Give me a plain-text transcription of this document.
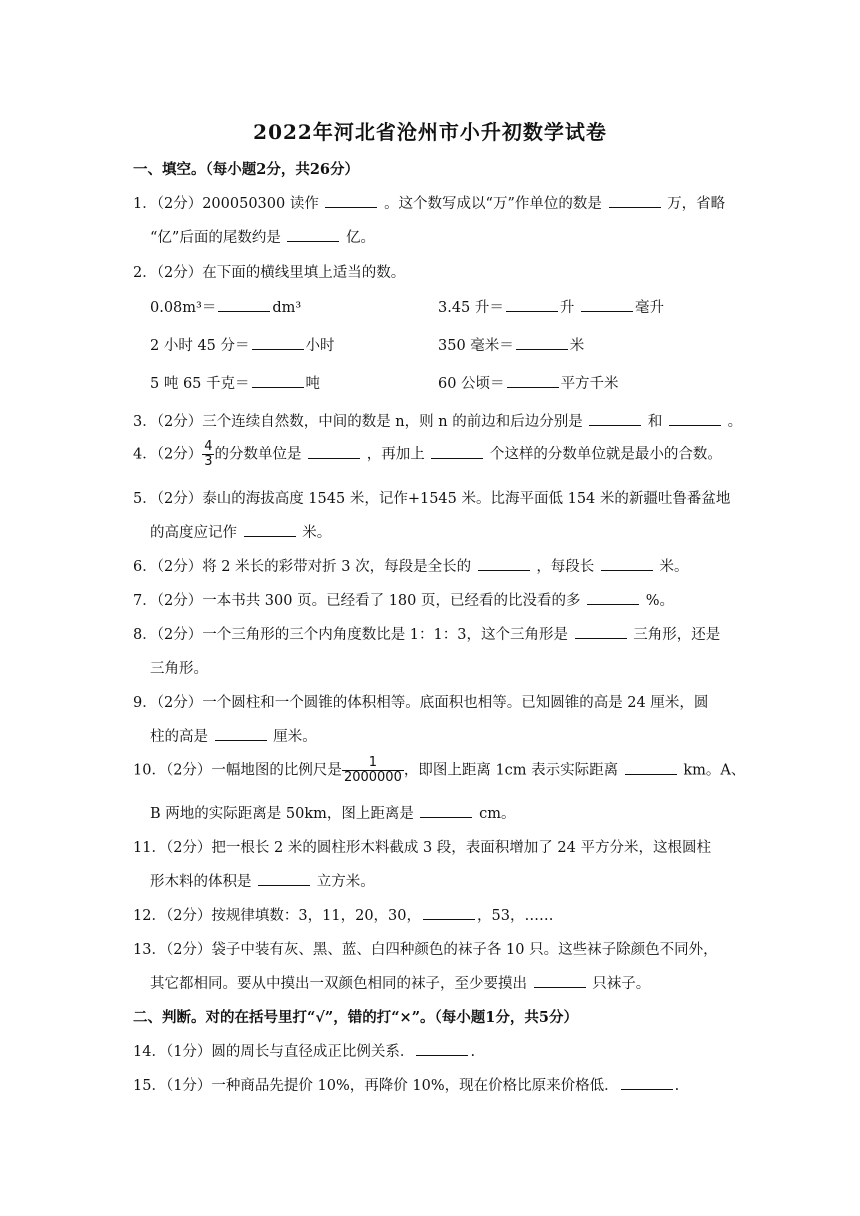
2022年河北省沧州市小升初数学试卷
一、填空。（每小题2分，共26分）
1．（2分）200050300 读作	。这个数写成以“万”作单位的数是	万，省略
“亿”后面的尾数约是	亿。
2．（2分）在下面的横线里填上适当的数。
0.08m³＝	dm³	3.45 升＝	升	毫升
2 小时 45 分＝	小时	350 毫米＝	米
5 吨 65 千克＝	吨	60 公顷＝	平方千米
3．（2分）三个连续自然数，中间的数是 n，则 n 的前边和后边分别是	和	。
4．（2分） $\frac{4}{3}$ 的分数单位是	，再加上	个这样的分数单位就是最小的合数。
5．（2分）泰山的海拔高度 1545 米，记作+1545 米。比海平面低 154 米的新疆吐鲁番盆地
的高度应记作	米。
6．（2分）将 2 米长的彩带对折 3 次，每段是全长的	，每段长	米。
7．（2分）一本书共 300 页。已经看了 180 页，已经看的比没看的多	%。
8．（2分）一个三角形的三个内角度数比是 1：1：3，这个三角形是	三角形，还是
三角形。
9．（2分）一个圆柱和一个圆锥的体积相等。底面积也相等。已知圆锥的高是 24 厘米，圆
柱的高是	厘米。
10．（2分）一幅地图的比例尺是 $\frac{1}{2000000}$ ，即图上距离 1cm 表示实际距离	km。A、
B 两地的实际距离是 50km，图上距离是	cm。
11．（2分）把一根长 2 米的圆柱形木料截成 3 段，表面积增加了 24 平方分米，这根圆柱
形木料的体积是	立方米。
12．（2分）按规律填数：3，11，20，30，	，53，……
13．（2分）袋子中装有灰、黑、蓝、白四种颜色的袜子各 10 只。这些袜子除颜色不同外，
其它都相同。要从中摸出一双颜色相同的袜子，至少要摸出	只袜子。
二、判断。对的在括号里打“√”，错的打“×”。（每小题1分，共5分）
14．（1分）圆的周长与直径成正比例关系．	.
15．（1分）一种商品先提价 10%，再降价 10%，现在价格比原来价格低．	.
